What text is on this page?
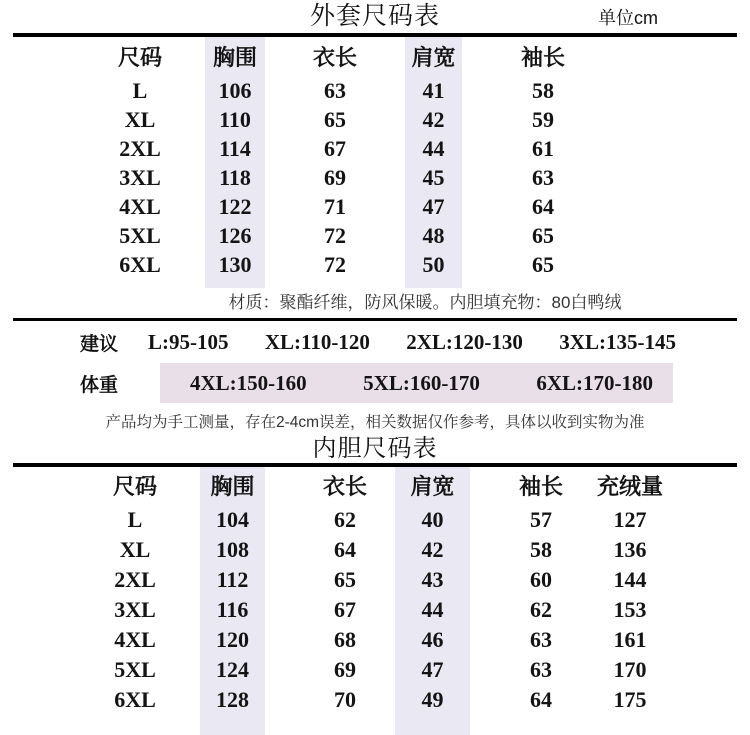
外套尺码表	单位cm
尺码	胸围	衣长	肩宽	袖长
L	106	63	41	58
XL	110	65	42	59
2XL	114	67	44	61
3XL	118	69	45	63
4XL	122	71	47	64
5XL	126	72	48	65
6XL	130	72	50	65
材质：聚酯纤维，防风保暖。内胆填充物：80白鸭绒
建议	L:95-105 XL:110-120 2XL:120-130 3XL:135-145
体重	4XL:150-160	5XL:160-170	6XL:170-180
产品均为手工测量，存在2-4cm误差，相关数据仅作参考，具体以收到实物为准
内胆尺码表
尺码	胸围	衣长	肩宽	袖长	充绒量
L	104	62	40	57	127
XL	108	64	42	58	136
2XL	112	65	43	60	144
3XL	116	67	44	62	153
4XL	120	68	46	63	161
5XL	124	69	47	63	170
6XL	128	70	49	64	175
